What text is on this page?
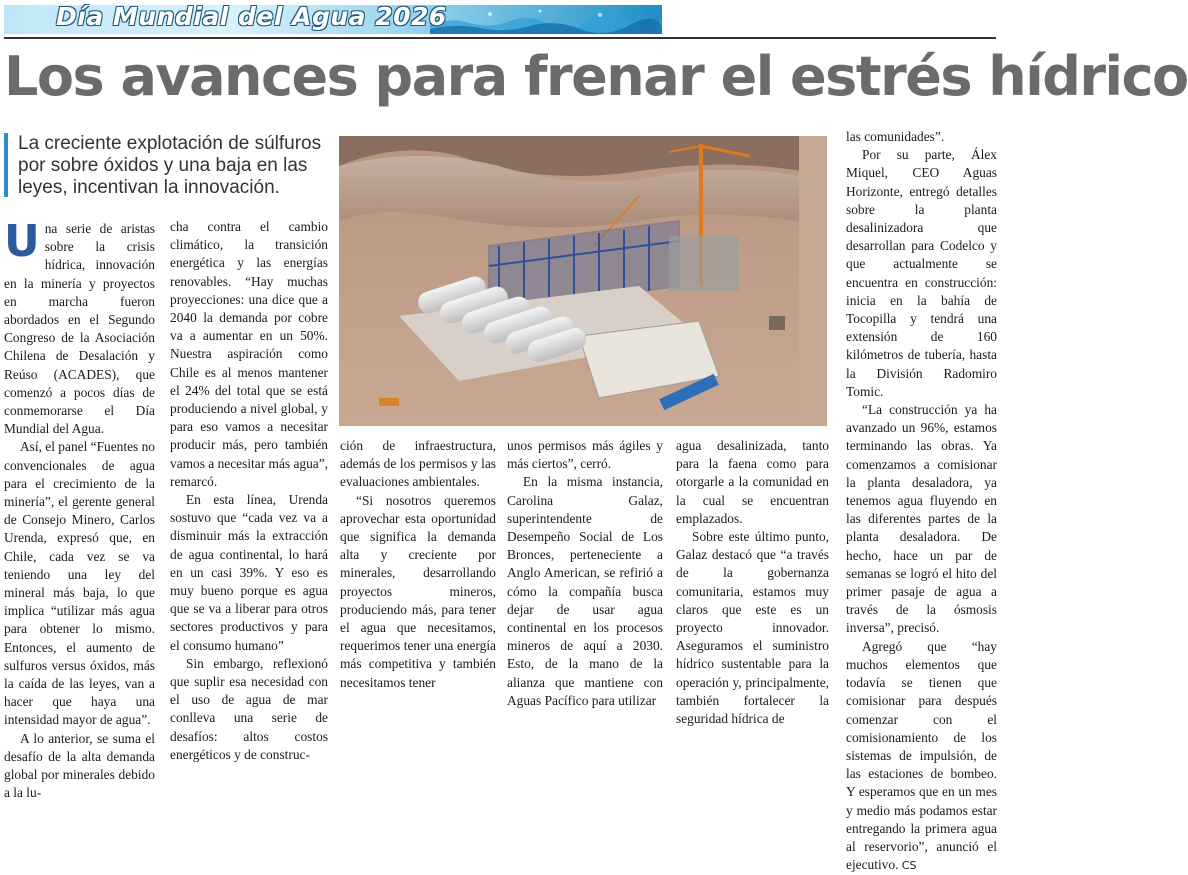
Día Mundial del Agua 2026
Los avances para frenar el estrés hídrico
La creciente explotación de súlfuros por sobre óxidos y una baja en las leyes, incentivan la innovación.

Una serie de aristas sobre la crisis hídrica, innovación en la minería y proyectos en marcha fueron abordados en el Segundo Congreso de la Asociación Chilena de Desalación y Reúso (ACADES), que comenzó a pocos días de conmemorarse el Día Mundial del Agua.

Así, el panel “Fuentes no convencionales de agua para el crecimiento de la minería”, el gerente general de Consejo Minero, Carlos Urenda, expresó que, en Chile, cada vez se va teniendo una ley del mineral más baja, lo que implica “utilizar más agua para obtener lo mismo. Entonces, el aumento de sulfuros versus óxidos, más la caída de las leyes, van a hacer que haya una intensidad mayor de agua”.

A lo anterior, se suma el desafío de la alta demanda global por minerales debido a la lu-

cha contra el cambio climático, la transición energética y las energías renovables. “Hay muchas proyecciones: una dice que a 2040 la demanda por cobre va a aumentar en un 50%. Nuestra aspiración como Chile es al menos mantener el 24% del total que se está produciendo a nivel global, y para eso vamos a necesitar producir más, pero también vamos a necesitar más agua”, remarcó.

En esta línea, Urenda sostuvo que “cada vez va a disminuir más la extracción de agua continental, lo hará en un casi 39%. Y eso es muy bueno porque es agua que se va a liberar para otros sectores productivos y para el consumo humano”

Sin embargo, reflexionó que suplir esa necesidad con el uso de agua de mar conlleva una serie de desafíos: altos costos energéticos y de construc-

ción de infraestructura, además de los permisos y las evaluaciones ambientales.

“Si nosotros queremos aprovechar esta oportunidad que significa la demanda alta y creciente por minerales, desarrollando proyectos mineros, produciendo más, para tener el agua que necesitamos, requerimos tener una energía más competitiva y también necesitamos tener

unos permisos más ágiles y más ciertos”, cerró.

En la misma instancia, Carolina Galaz, superintendente de Desempeño Social de Los Bronces, perteneciente a Anglo American, se refirió a cómo la compañía busca dejar de usar agua continental en los procesos mineros de aquí a 2030. Esto, de la mano de la alianza que mantiene con Aguas Pacífico para utilizar

agua desalinizada, tanto para la faena como para otorgarle a la comunidad en la cual se encuentran emplazados.

Sobre este último punto, Galaz destacó que “a través de la gobernanza comunitaria, estamos muy claros que este es un proyecto innovador. Aseguramos el suministro hídrico sustentable para la operación y, principalmente, también fortalecer la seguridad hídrica de

las comunidades”.

Por su parte, Álex Miquel, CEO Aguas Horizonte, entregó detalles sobre la planta desalinizadora que desarrollan para Codelco y que actualmente se encuentra en construcción: inicia en la bahía de Tocopilla y tendrá una extensión de 160 kilómetros de tubería, hasta la División Radomiro Tomic.

“La construcción ya ha avanzado un 96%, estamos terminando las obras. Ya comenzamos a comisionar la planta desaladora, ya tenemos agua fluyendo en las diferentes partes de la planta desaladora. De hecho, hace un par de semanas se logró el hito del primer pasaje de agua a través de la ósmosis inversa”, precisó.

Agregó que “hay muchos elementos que todavía se tienen que comisionar para después comenzar con el comisionamiento de los sistemas de impulsión, de las estaciones de bombeo. Y esperamos que en un mes y medio más podamos estar entregando la primera agua al reservorio”, anunció el ejecutivo. CS
